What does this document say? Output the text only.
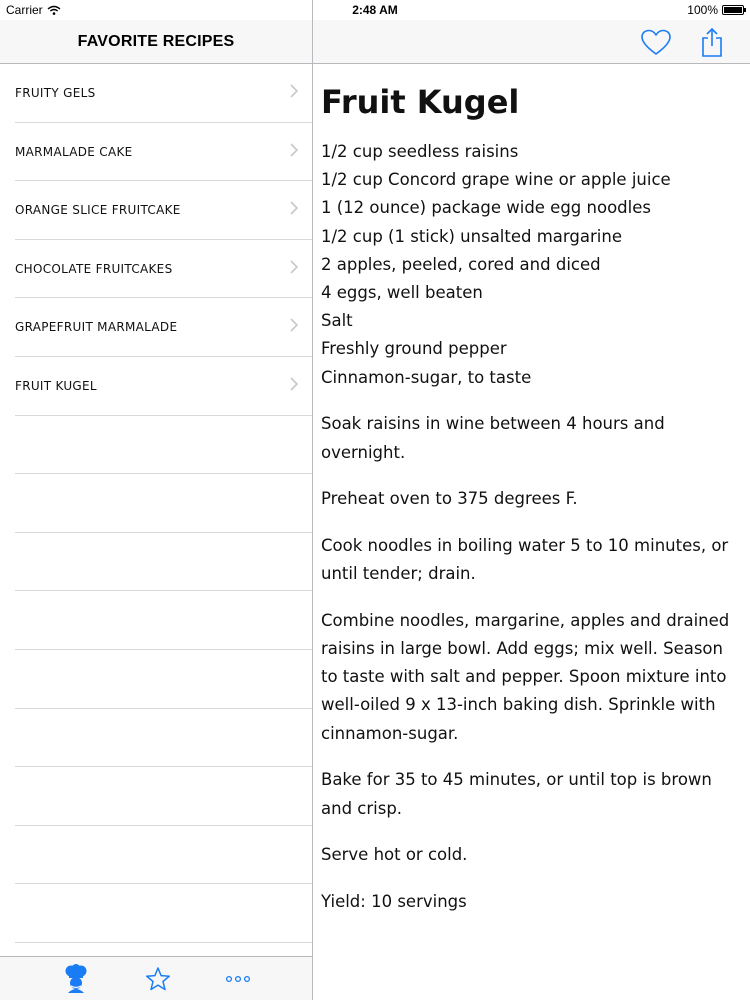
FAVORITE RECIPES
FRUITY GELS
MARMALADE CAKE
ORANGE SLICE FRUITCAKE
CHOCOLATE FRUITCAKES
GRAPEFRUIT MARMALADE
FRUIT KUGEL
Fruit Kugel
1/2 cup seedless raisins
1/2 cup Concord grape wine or apple juice
1 (12 ounce) package wide egg noodles
1/2 cup (1 stick) unsalted margarine
2 apples, peeled, cored and diced
4 eggs, well beaten
Salt
Freshly ground pepper
Cinnamon-sugar, to taste
Soak raisins in wine between 4 hours and overnight.
Preheat oven to 375 degrees F.
Cook noodles in boiling water 5 to 10 minutes, or until tender; drain.
Combine noodles, margarine, apples and drained raisins in large bowl. Add eggs; mix well. Season to taste with salt and pepper. Spoon mixture into well-oiled 9 x 13-inch baking dish. Sprinkle with cinnamon-sugar.
Bake for 35 to 45 minutes, or until top is brown and crisp.
Serve hot or cold.
Yield: 10 servings
Carrier	2:48 AM	100%
